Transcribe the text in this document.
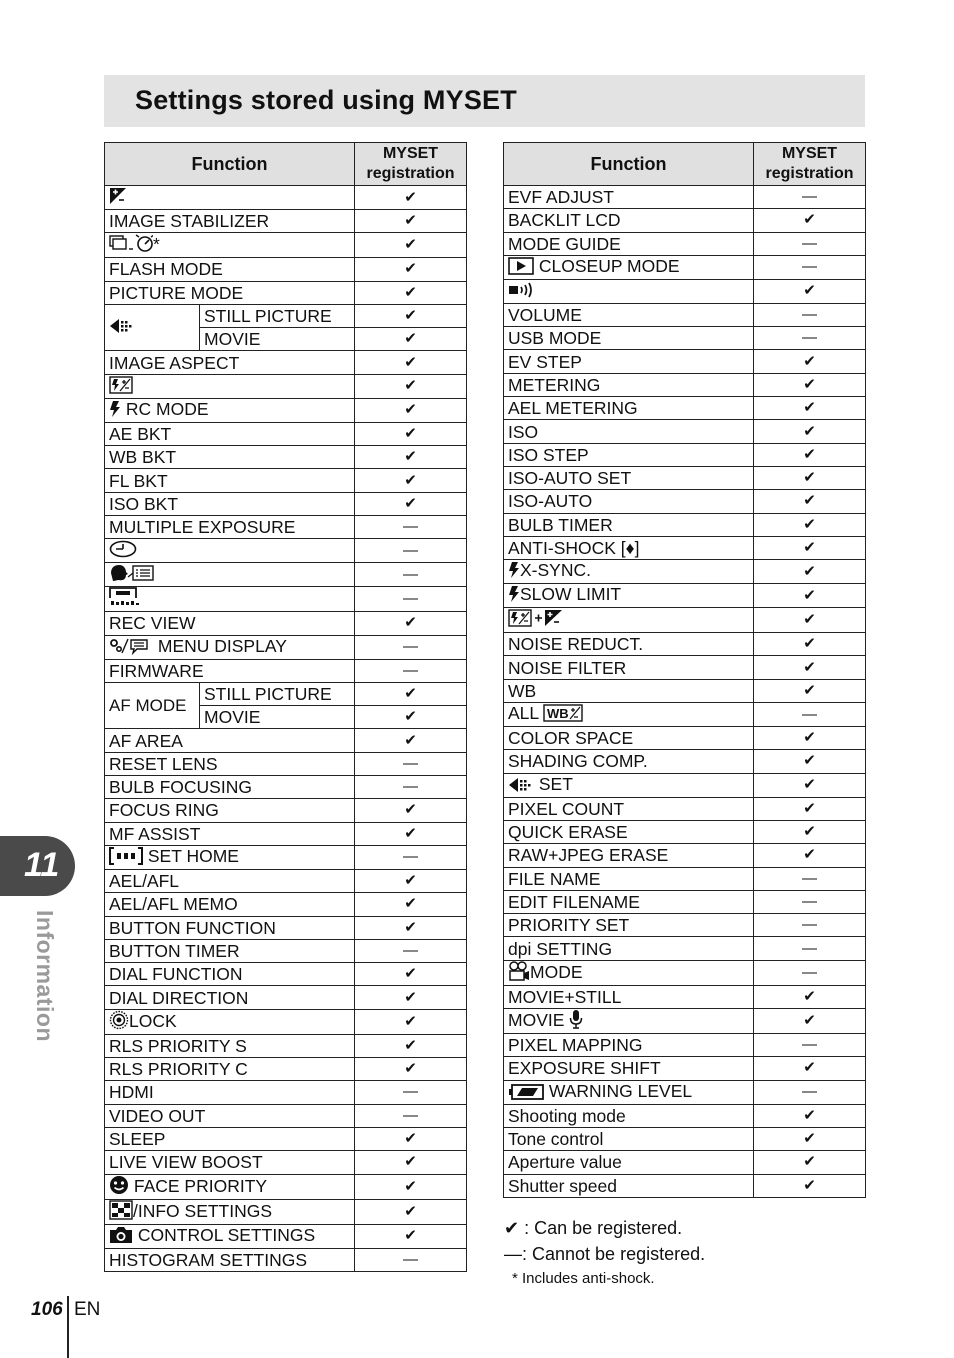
Settings stored using MYSET
Function		MYSET
registration

	✔
IMAGE STABILIZER		✔
*		✔
FLASH MODE		✔
PICTURE MODE		✔
	STILL PICTURE	✔
	MOVIE	✔
IMAGE ASPECT		✔
	✔
RC MODE		✔
AE BKT		✔
WB BKT		✔
FL BKT		✔
ISO BKT		✔
MULTIPLE EXPOSURE		—
	—
	—
	—
REC VIEW		✔
MENU DISPLAY		—
FIRMWARE		—
AF MODE	STILL PICTURE	✔
	MOVIE	✔
AF AREA		✔
RESET LENS		—
BULB FOCUSING		—
FOCUS RING		✔
MF ASSIST		✔
SET HOME		—
AEL/AFL		✔
AEL/AFL MEMO		✔
BUTTON FUNCTION		✔
BUTTON TIMER		—
DIAL FUNCTION		✔
DIAL DIRECTION		✔
LOCK		✔
RLS PRIORITY S		✔
RLS PRIORITY C		✔
HDMI		—
VIDEO OUT		—
SLEEP		✔
LIVE VIEW BOOST		✔
FACE PRIORITY		✔
/INFO SETTINGS		✔
CONTROL SETTINGS		✔
HISTOGRAM SETTINGS		—
Function	MYSET
registration

EVF ADJUST	—
BACKLIT LCD	✔
MODE GUIDE	—
CLOSEUP MODE	—
	✔
VOLUME	—
USB MODE	—
EV STEP	✔
METERING	✔
AEL METERING	✔
ISO	✔
ISO STEP	✔
ISO-AUTO SET	✔
ISO-AUTO	✔
BULB TIMER	✔
ANTI-SHOCK [♦]	✔
X-SYNC.	✔
SLOW LIMIT	✔
	✔
NOISE REDUCT.	✔
NOISE FILTER	✔
WB	✔
ALL WB	—
COLOR SPACE	✔
SHADING COMP.	✔
SET	✔
PIXEL COUNT	✔
QUICK ERASE	✔
RAW+JPEG ERASE	✔
FILE NAME	—
EDIT FILENAME	—
PRIORITY SET	—
dpi SETTING	—
MODE	—
MOVIE+STILL	✔
MOVIE	✔
PIXEL MAPPING	—
EXPOSURE SHIFT	✔
WARNING LEVEL	—
Shooting mode	✔
Tone control	✔
Aperture value	✔
Shutter speed	✔
✔ : Can be registered.
—: Cannot be registered.
* Includes anti-shock.
11
Information
106 EN
